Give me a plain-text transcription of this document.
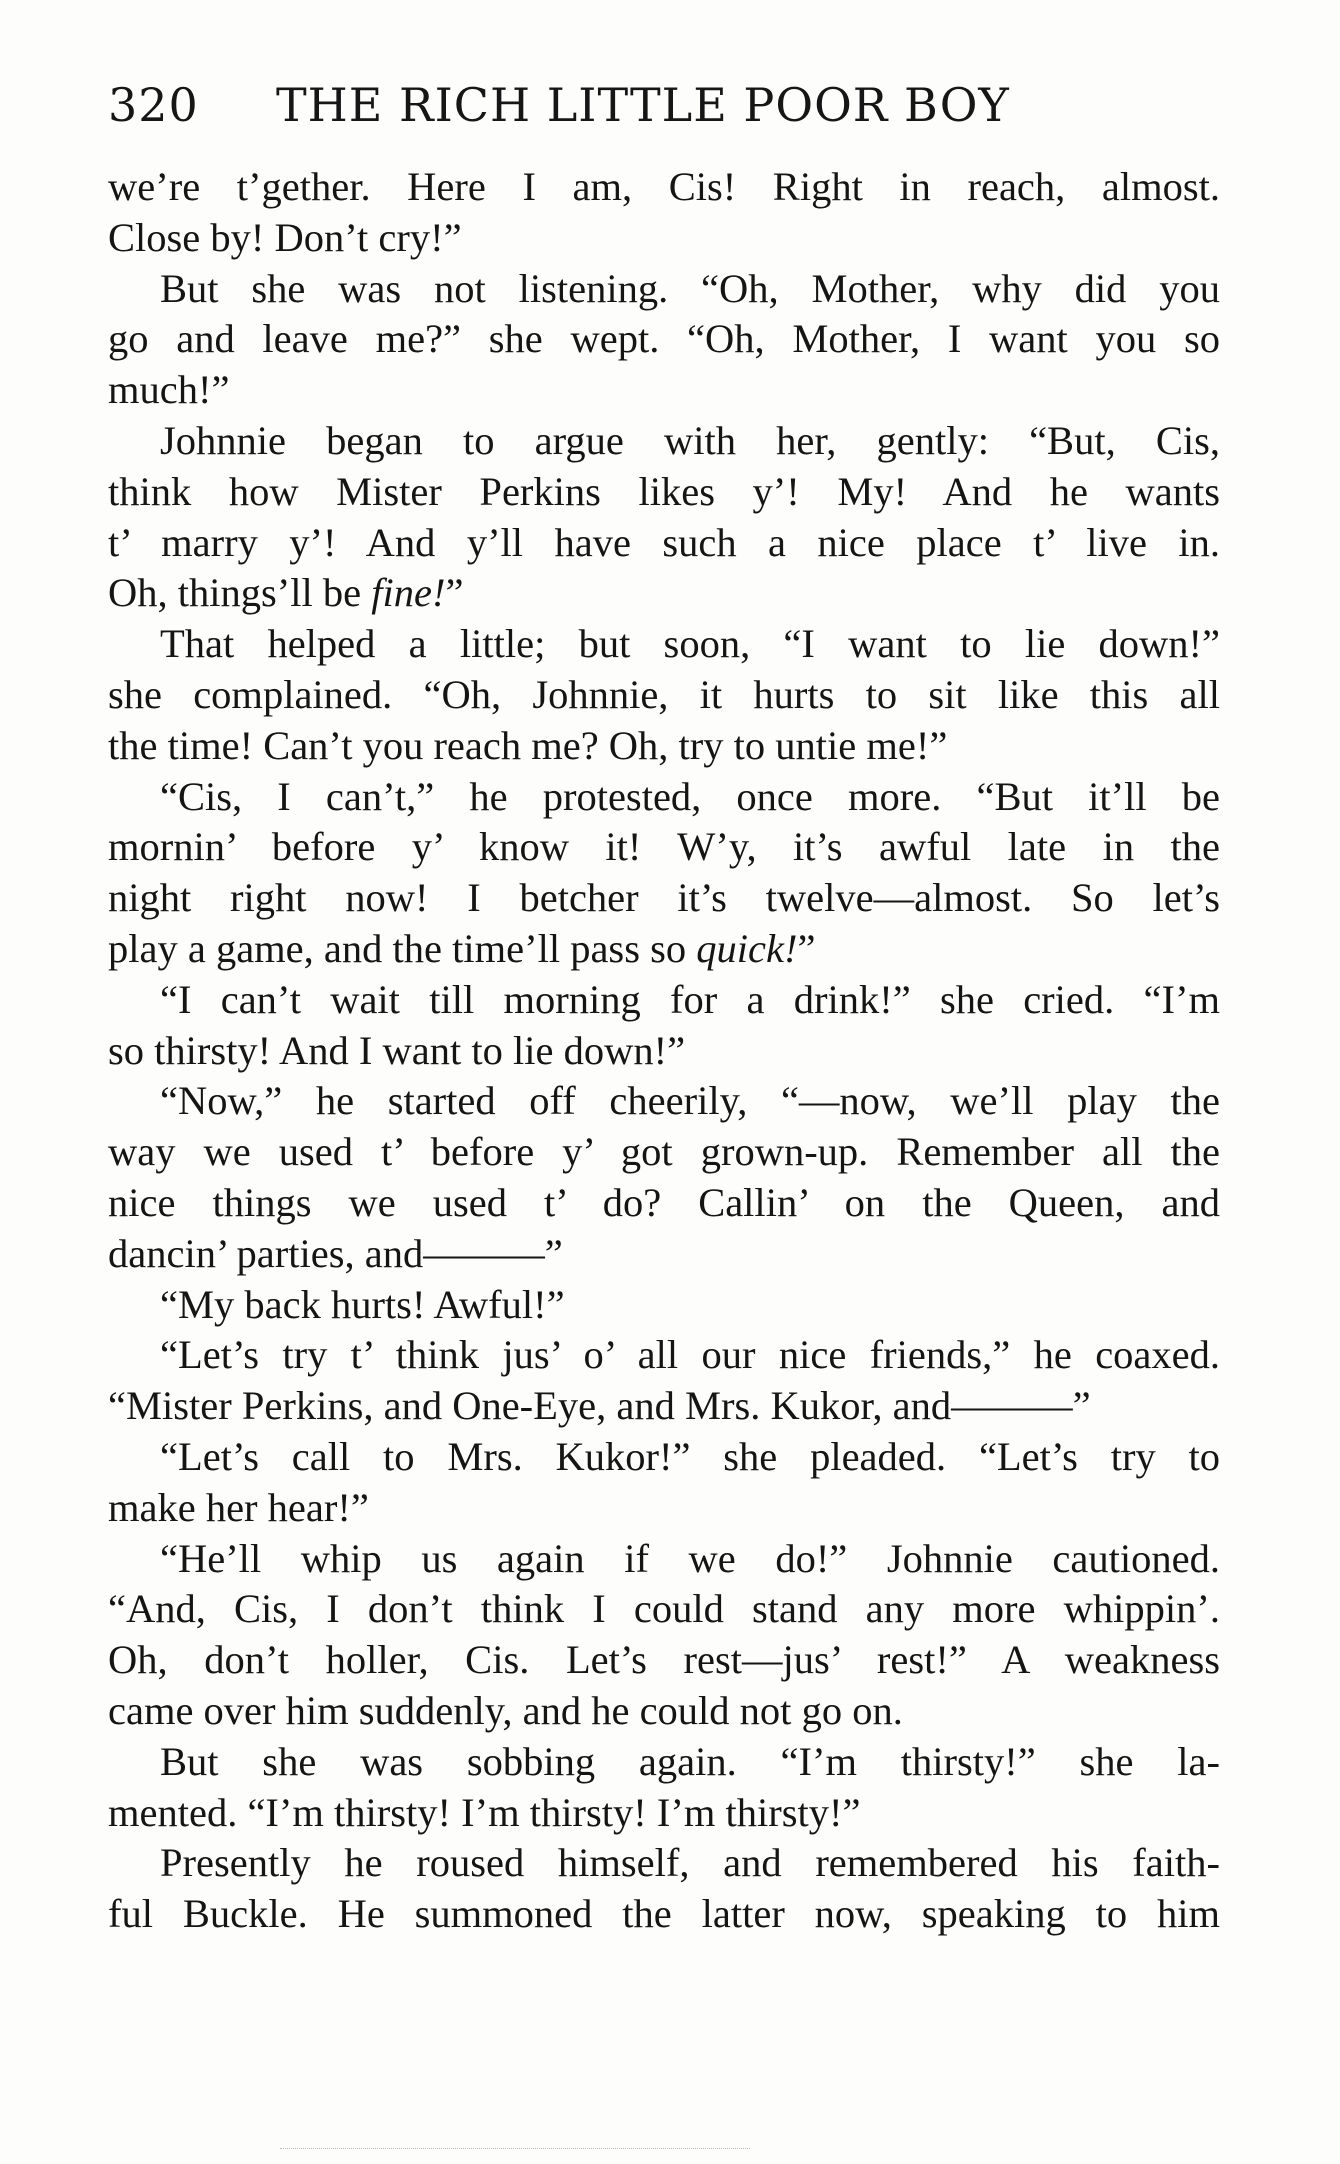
320 THE RICH LITTLE POOR BOY
we’re t’gether. Here I am, Cis! Right in reach, almost.
Close by! Don’t cry!”
But she was not listening. “Oh, Mother, why did you
go and leave me?” she wept. “Oh, Mother, I want you so
much!”
Johnnie began to argue with her, gently: “But, Cis,
think how Mister Perkins likes y’! My! And he wants
t’ marry y’! And y’ll have such a nice place t’ live in.
Oh, things’ll be fine!”
That helped a little; but soon, “I want to lie down!”
she complained. “Oh, Johnnie, it hurts to sit like this all
the time! Can’t you reach me? Oh, try to untie me!”
“Cis, I can’t,” he protested, once more. “But it’ll be
mornin’ before y’ know it! W’y, it’s awful late in the
night right now! I betcher it’s twelve—almost. So let’s
play a game, and the time’ll pass so quick!”
“I can’t wait till morning for a drink!” she cried. “I’m
so thirsty! And I want to lie down!”
“Now,” he started off cheerily, “—now, we’ll play the
way we used t’ before y’ got grown-up. Remember all the
nice things we used t’ do? Callin’ on the Queen, and
dancin’ parties, and———”
“My back hurts! Awful!”
“Let’s try t’ think jus’ o’ all our nice friends,” he coaxed.
“Mister Perkins, and One-Eye, and Mrs. Kukor, and———”
“Let’s call to Mrs. Kukor!” she pleaded. “Let’s try to
make her hear!”
“He’ll whip us again if we do!” Johnnie cautioned.
“And, Cis, I don’t think I could stand any more whippin’.
Oh, don’t holler, Cis. Let’s rest—jus’ rest!” A weakness
came over him suddenly, and he could not go on.
But she was sobbing again. “I’m thirsty!” she la-
mented. “I’m thirsty! I’m thirsty! I’m thirsty!”
Presently he roused himself, and remembered his faith-
ful Buckle. He summoned the latter now, speaking to him
